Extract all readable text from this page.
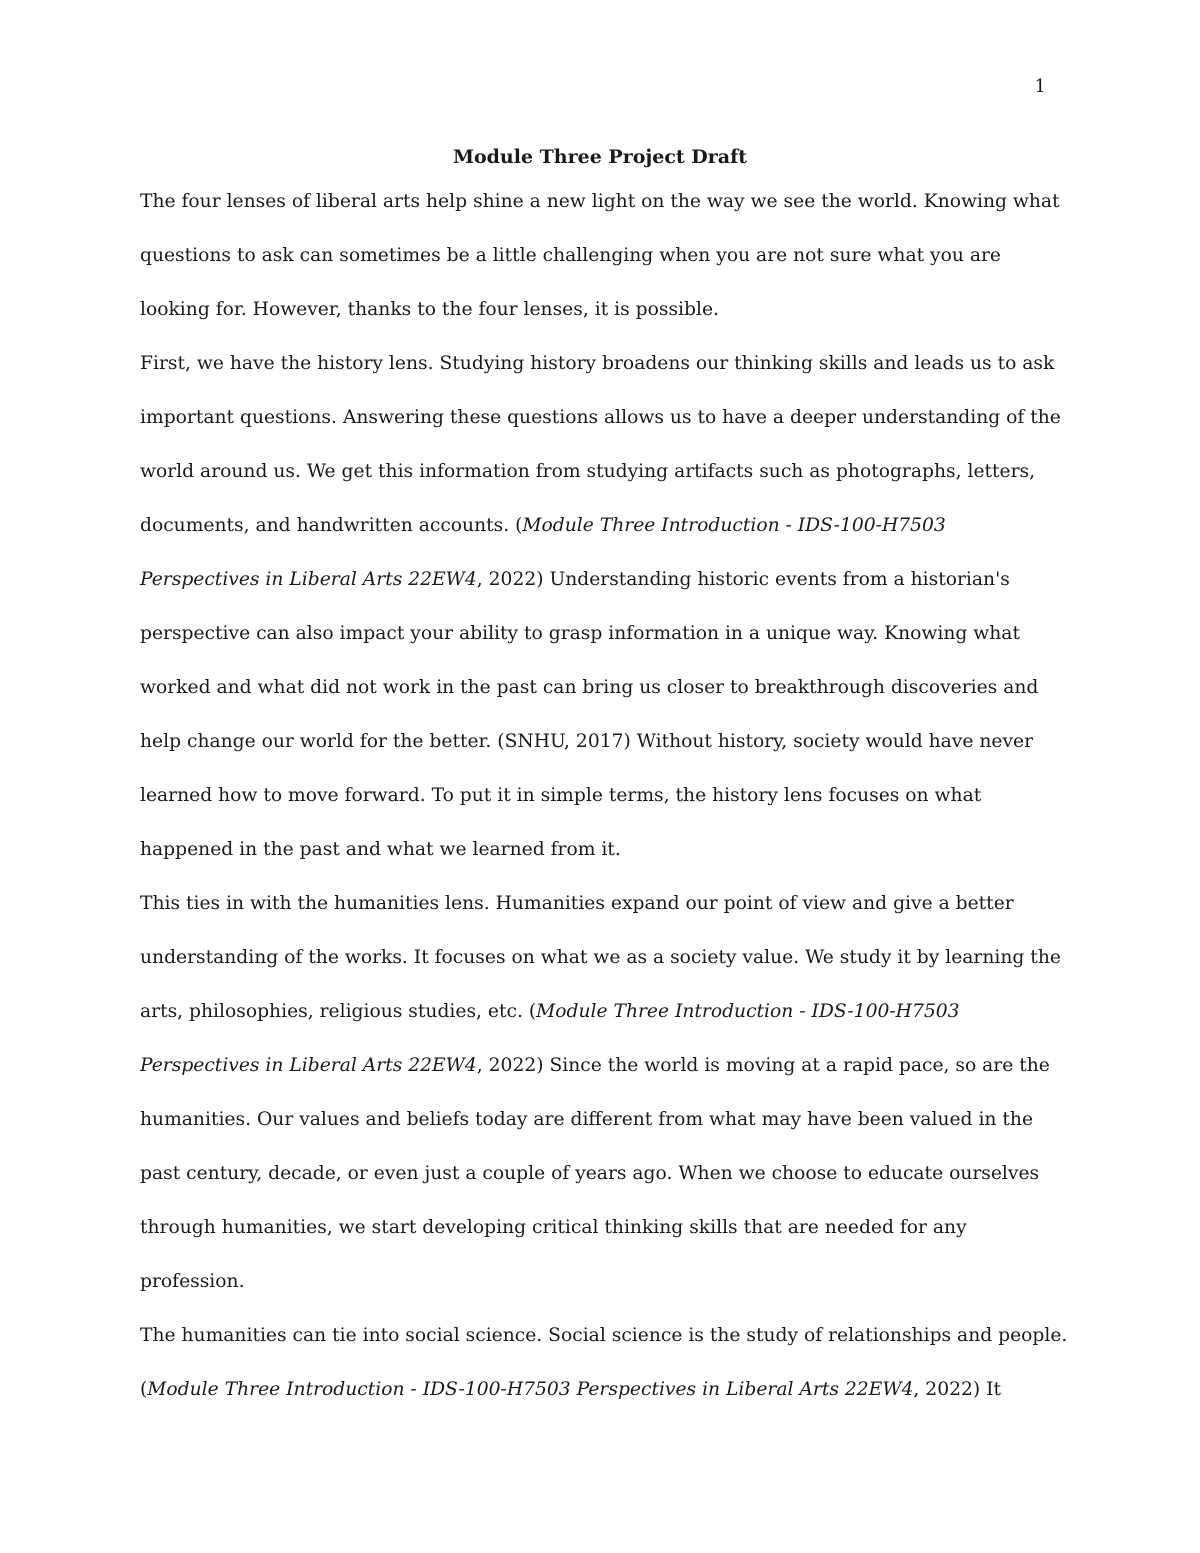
1
Module Three Project Draft
The four lenses of liberal arts help shine a new light on the way we see the world. Knowing what
questions to ask can sometimes be a little challenging when you are not sure what you are
looking for. However, thanks to the four lenses, it is possible.
First, we have the history lens. Studying history broadens our thinking skills and leads us to ask
important questions. Answering these questions allows us to have a deeper understanding of the
world around us. We get this information from studying artifacts such as photographs, letters,
documents, and handwritten accounts. (Module Three Introduction - IDS-100-H7503
Perspectives in Liberal Arts 22EW4, 2022) Understanding historic events from a historian's
perspective can also impact your ability to grasp information in a unique way. Knowing what
worked and what did not work in the past can bring us closer to breakthrough discoveries and
help change our world for the better. (SNHU, 2017) Without history, society would have never
learned how to move forward. To put it in simple terms, the history lens focuses on what
happened in the past and what we learned from it.
This ties in with the humanities lens. Humanities expand our point of view and give a better
understanding of the works. It focuses on what we as a society value. We study it by learning the
arts, philosophies, religious studies, etc. (Module Three Introduction - IDS-100-H7503
Perspectives in Liberal Arts 22EW4, 2022) Since the world is moving at a rapid pace, so are the
humanities. Our values and beliefs today are different from what may have been valued in the
past century, decade, or even just a couple of years ago. When we choose to educate ourselves
through humanities, we start developing critical thinking skills that are needed for any
profession.
The humanities can tie into social science. Social science is the study of relationships and people.
(Module Three Introduction - IDS-100-H7503 Perspectives in Liberal Arts 22EW4, 2022) It
